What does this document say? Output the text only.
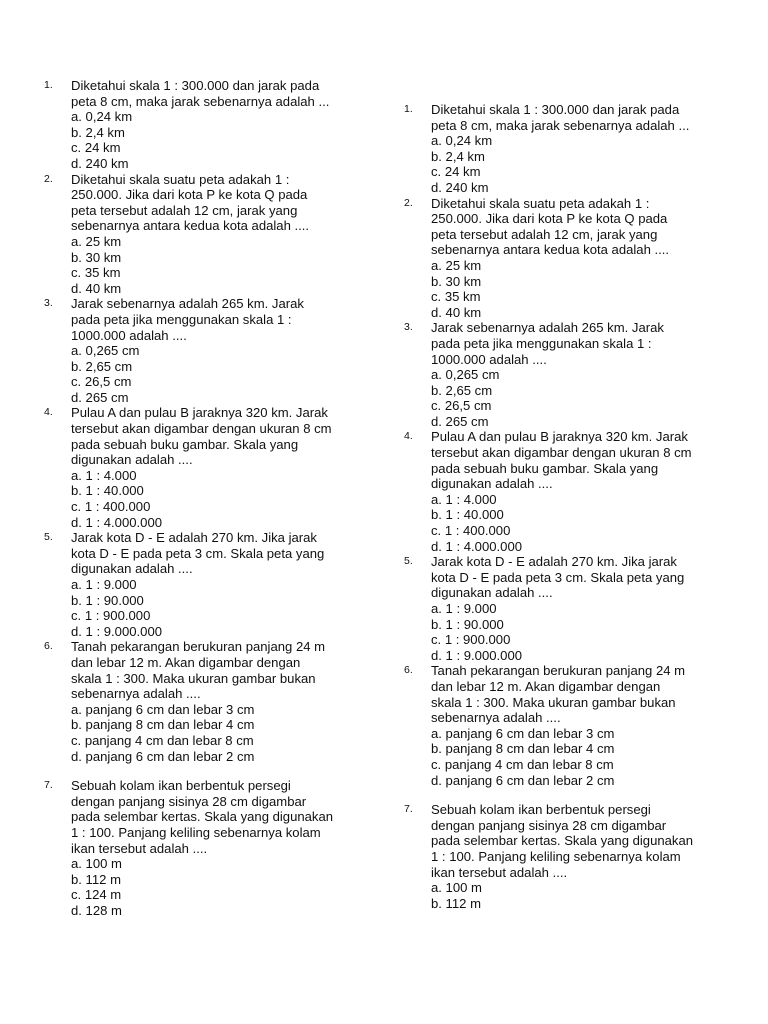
1.	Diketahui skala 1 : 300.000 dan jarak pada
peta 8 cm, maka jarak sebenarnya adalah ...
a. 0,24 km
b. 2,4 km
c. 24 km
d. 240 km
2.	Diketahui skala suatu peta adakah 1 :
250.000. Jika dari kota P ke kota Q pada
peta tersebut adalah 12 cm, jarak yang
sebenarnya antara kedua kota adalah ....
a. 25 km
b. 30 km
c. 35 km
d. 40 km
3.	Jarak sebenarnya adalah 265 km. Jarak
pada peta jika menggunakan skala 1 :
1000.000 adalah ....
a. 0,265 cm
b. 2,65 cm
c. 26,5 cm
d. 265 cm
4.	Pulau A dan pulau B jaraknya 320 km. Jarak
tersebut akan digambar dengan ukuran 8 cm
pada sebuah buku gambar. Skala yang
digunakan adalah ....
a. 1 : 4.000
b. 1 : 40.000
c. 1 : 400.000
d. 1 : 4.000.000
5.	Jarak kota D - E adalah 270 km. Jika jarak
kota D - E pada peta 3 cm. Skala peta yang
digunakan adalah ....
a. 1 : 9.000
b. 1 : 90.000
c. 1 : 900.000
d. 1 : 9.000.000
6.	Tanah pekarangan berukuran panjang 24 m
dan lebar 12 m. Akan digambar dengan
skala 1 : 300. Maka ukuran gambar bukan
sebenarnya adalah ....
a. panjang 6 cm dan lebar 3 cm
b. panjang 8 cm dan lebar 4 cm
c. panjang 4 cm dan lebar 8 cm
d. panjang 6 cm dan lebar 2 cm
7.	Sebuah kolam ikan berbentuk persegi
dengan panjang sisinya 28 cm digambar
pada selembar kertas. Skala yang digunakan
1 : 100. Panjang keliling sebenarnya kolam
ikan tersebut adalah ....
a. 100 m
b. 112 m
c. 124 m
d. 128 m
1.	Diketahui skala 1 : 300.000 dan jarak pada
peta 8 cm, maka jarak sebenarnya adalah ...
a. 0,24 km
b. 2,4 km
c. 24 km
d. 240 km
2.	Diketahui skala suatu peta adakah 1 :
250.000. Jika dari kota P ke kota Q pada
peta tersebut adalah 12 cm, jarak yang
sebenarnya antara kedua kota adalah ....
a. 25 km
b. 30 km
c. 35 km
d. 40 km
3.	Jarak sebenarnya adalah 265 km. Jarak
pada peta jika menggunakan skala 1 :
1000.000 adalah ....
a. 0,265 cm
b. 2,65 cm
c. 26,5 cm
d. 265 cm
4.	Pulau A dan pulau B jaraknya 320 km. Jarak
tersebut akan digambar dengan ukuran 8 cm
pada sebuah buku gambar. Skala yang
digunakan adalah ....
a. 1 : 4.000
b. 1 : 40.000
c. 1 : 400.000
d. 1 : 4.000.000
5.	Jarak kota D - E adalah 270 km. Jika jarak
kota D - E pada peta 3 cm. Skala peta yang
digunakan adalah ....
a. 1 : 9.000
b. 1 : 90.000
c. 1 : 900.000
d. 1 : 9.000.000
6.	Tanah pekarangan berukuran panjang 24 m
dan lebar 12 m. Akan digambar dengan
skala 1 : 300. Maka ukuran gambar bukan
sebenarnya adalah ....
a. panjang 6 cm dan lebar 3 cm
b. panjang 8 cm dan lebar 4 cm
c. panjang 4 cm dan lebar 8 cm
d. panjang 6 cm dan lebar 2 cm
7.	Sebuah kolam ikan berbentuk persegi
dengan panjang sisinya 28 cm digambar
pada selembar kertas. Skala yang digunakan
1 : 100. Panjang keliling sebenarnya kolam
ikan tersebut adalah ....
a. 100 m
b. 112 m
